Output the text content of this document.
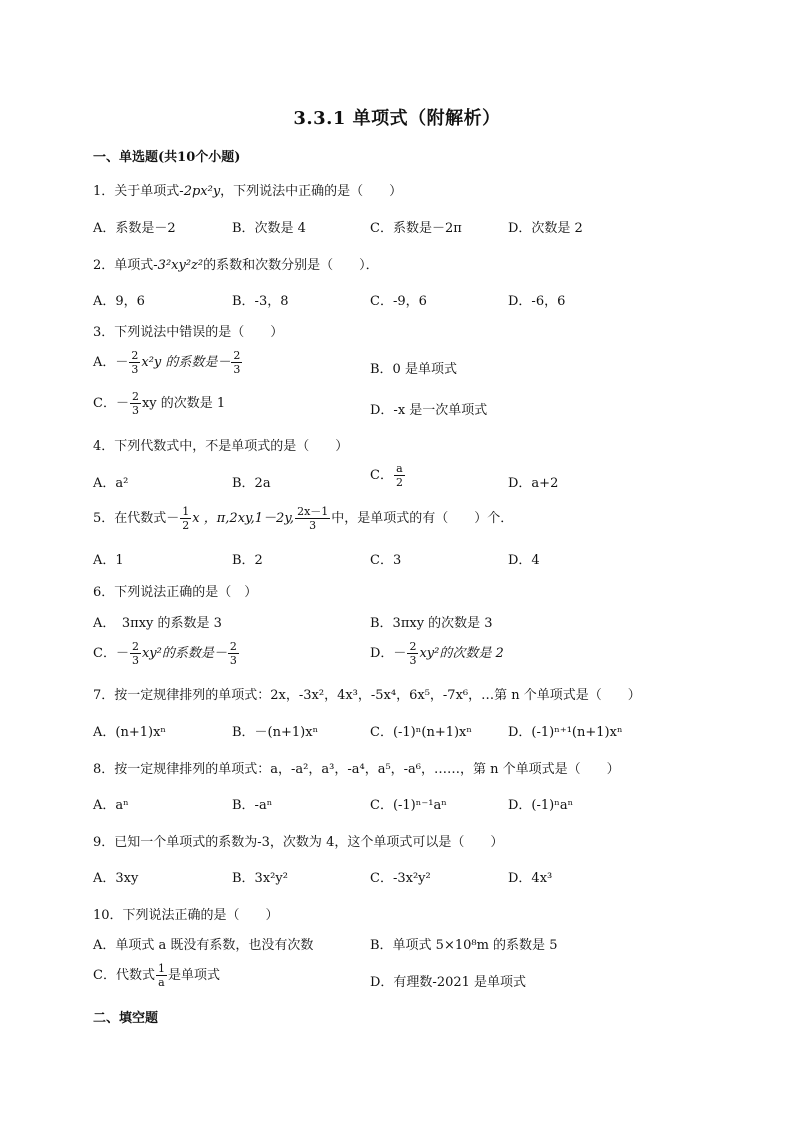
3.3.1 单项式（附解析）
一、单选题(共10个小题)
1．关于单项式-2px²y，下列说法中正确的是（　　）
A．系数是－2	B．次数是 4	C．系数是－2π	D．次数是 2
2．单项式-3²xy²z²的系数和次数分别是（　　）．
A．9，6	B．-3，8	C．-9，6	D．-6，6
3．下列说法中错误的是（　　）
A．－ $\frac{2}{3} x^2y$ 的系数是－ $\frac{2}{3}$	B．0 是单项式
C．－ $\frac{2}{3}$ xy 的次数是 1	D．-x 是一次单项式
4．下列代数式中，不是单项式的是（　　）
A．a²	B．2a
C． $\frac{a}{2}$	D．a+2
5．在代数式－ $\frac{1}{2}$ x ，π,2xy,1－2y, $\frac{2x-1}{3}$ 中，是单项式的有（　　）个．
A．1	B．2	C．3	D．4
6．下列说法正确的是（　）
A．　3πxy 的系数是 3	B．3πxy 的次数是 3
C．－ $\frac{2}{3} xy^2$的系数是－ $\frac{2}{3}$	D．－ $\frac{2}{3} xy^2$的次数是 2
7．按一定规律排列的单项式：2x，-3x²，4x³，-5x⁴，6x⁵，-7x⁶，…第 n 个单项式是（　　）
A．(n+1)xⁿ	B．－(n+1)xⁿ	C．(-1)ⁿ(n+1)xⁿ	D．(-1)ⁿ⁺¹(n+1)xⁿ
8．按一定规律排列的单项式：a，-a²，a³，-a⁴，a⁵，-a⁶，……，第 n 个单项式是（　　）
A．aⁿ	B．-aⁿ	C．(-1)ⁿ⁻¹aⁿ	D．(-1)ⁿaⁿ
9．已知一个单项式的系数为-3，次数为 4，这个单项式可以是（　　）
A．3xy	B．3x²y²	C．-3x²y²	D．4x³
10．下列说法正确的是（　　）
A．单项式 a 既没有系数，也没有次数	B．单项式 5×10⁸m 的系数是 5
C．代数式 $\frac{1}{a}$ 是单项式	D．有理数-2021 是单项式
二、填空题
